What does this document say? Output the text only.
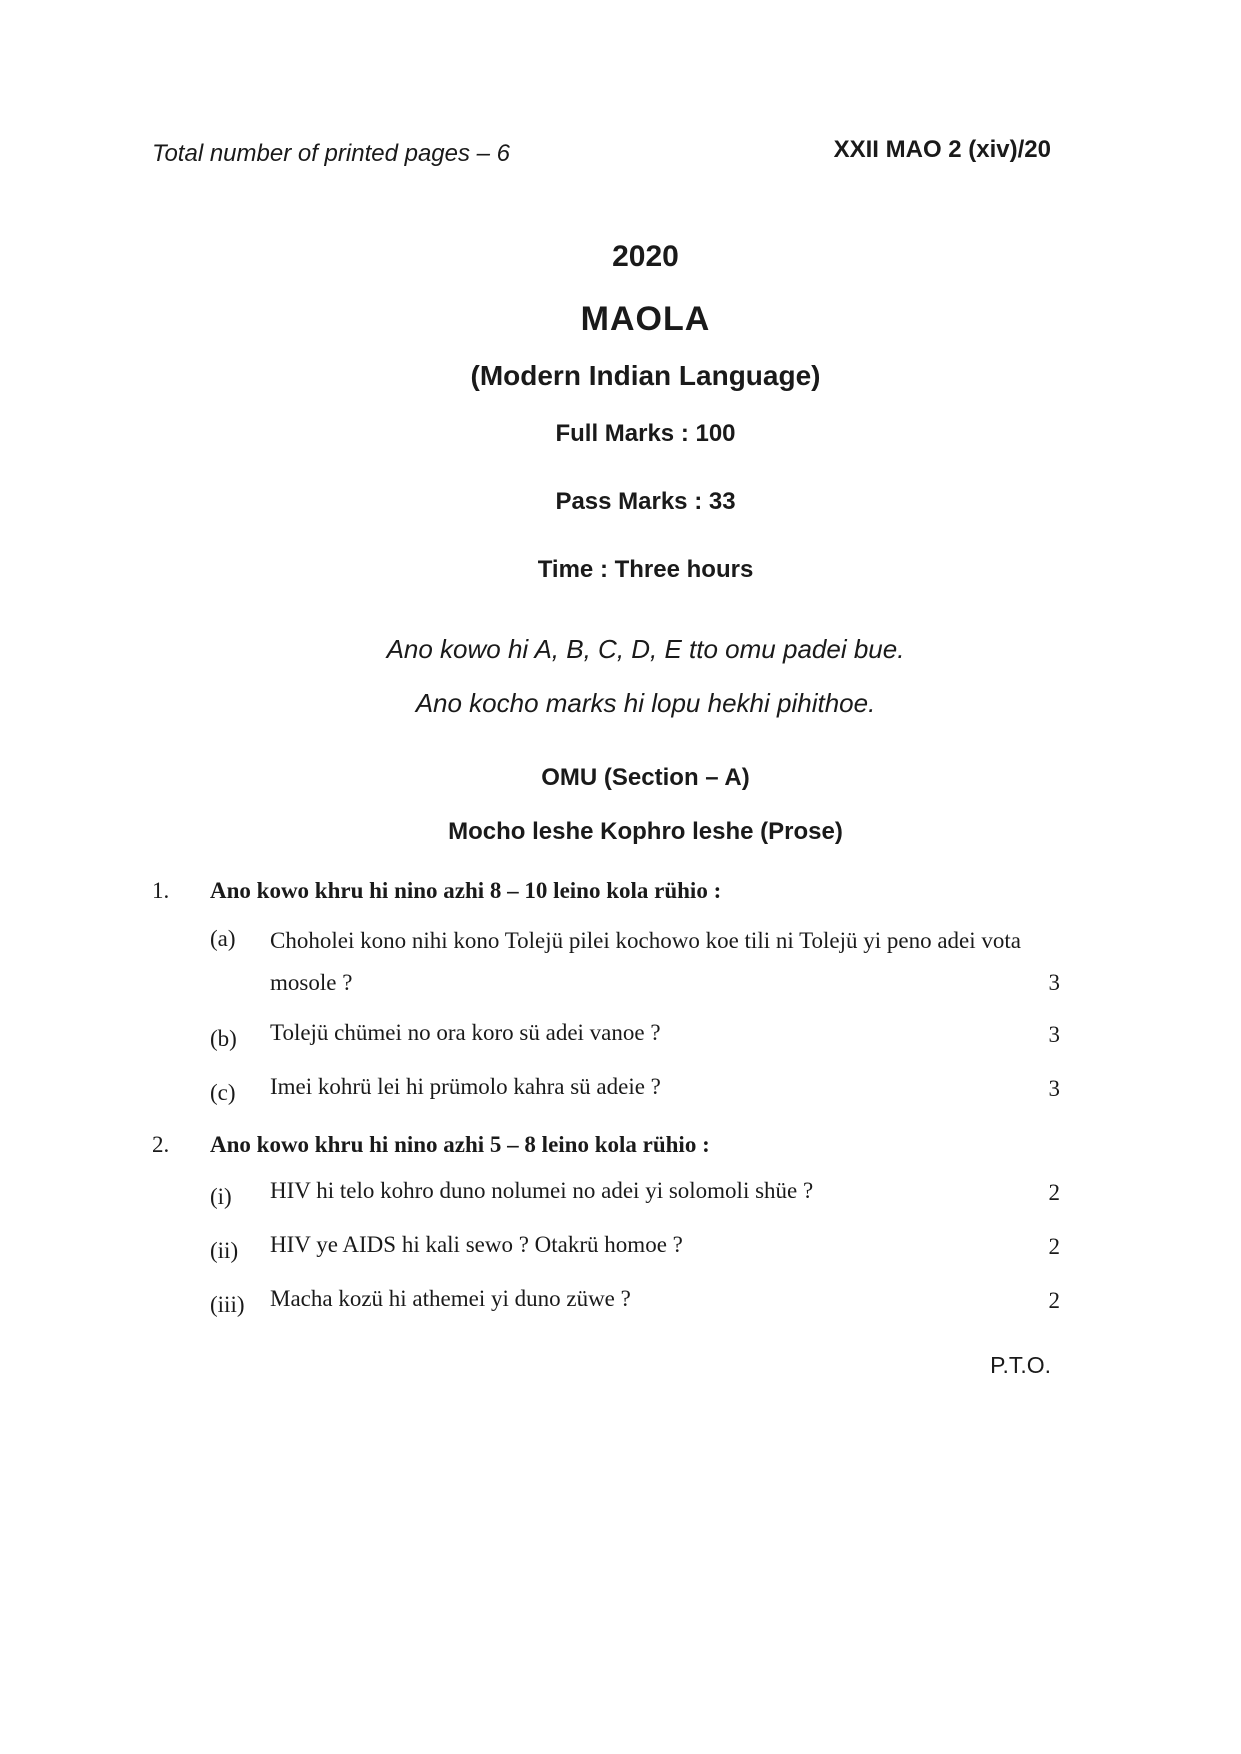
Total number of printed pages – 6	XXII MAO 2 (xiv)/20
2020
MAOLA
(Modern Indian Language)
Full Marks : 100
Pass Marks : 33
Time : Three hours
Ano kowo hi A, B, C, D, E tto omu padei bue.
Ano kocho marks hi lopu hekhi pihithoe.
OMU (Section – A)
Mocho leshe Kophro leshe (Prose)
1. Ano kowo khru hi nino azhi 8 – 10 leino kola rühio :
(a) Choholei kono nihi kono Tolejü pilei kochowo koe tili ni Tolejü yi peno adei vota mosole ?	3
(b) Tolejü chümei no ora koro sü adei vanoe ?	3
(c) Imei kohrü lei hi prümolo kahra sü adeie ?	3
2. Ano kowo khru hi nino azhi 5 – 8 leino kola rühio :
(i) HIV hi telo kohro duno nolumei no adei yi solomoli shüe ?	2
(ii) HIV ye AIDS hi kali sewo ? Otakrü homoe ?	2
(iii) Macha kozü hi athemei yi duno züwe ?	2
P.T.O.
